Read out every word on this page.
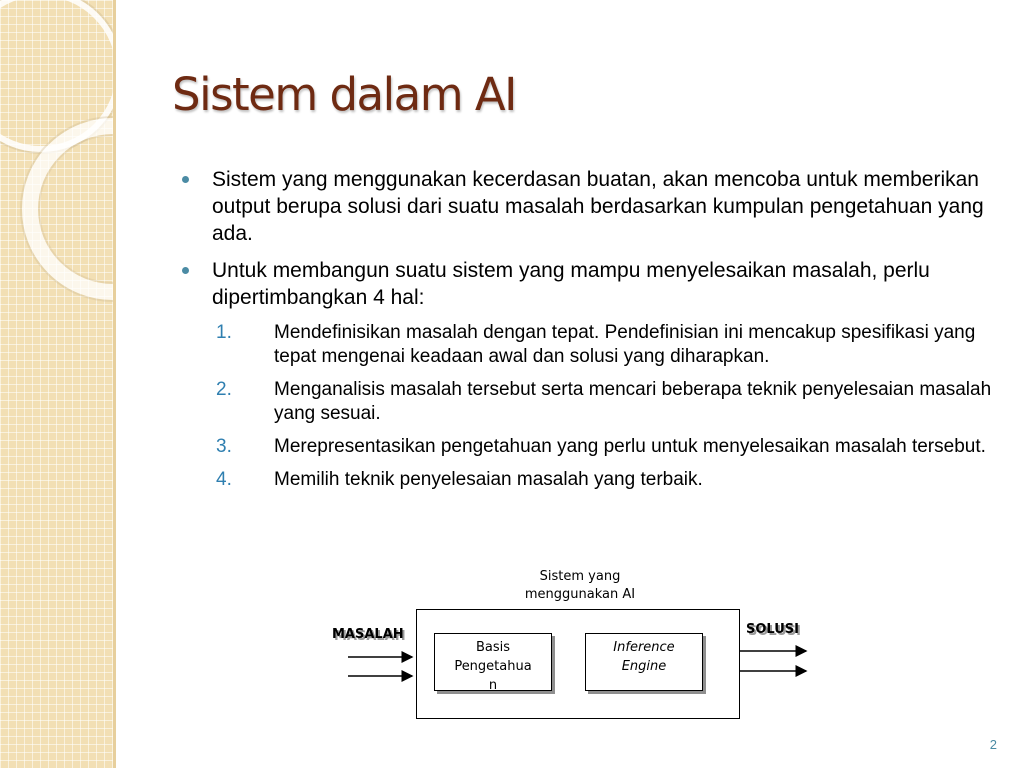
Sistem dalam AI
Sistem yang menggunakan kecerdasan buatan, akan mencoba untuk memberikan output berupa solusi dari suatu masalah berdasarkan kumpulan pengetahuan yang ada.
Untuk membangun suatu sistem yang mampu menyelesaikan masalah, perlu dipertimbangkan 4 hal:
1. Mendefinisikan masalah dengan tepat. Pendefinisian ini mencakup spesifikasi yang tepat mengenai keadaan awal dan solusi yang diharapkan.
2. Menganalisis masalah tersebut serta mencari beberapa teknik penyelesaian masalah yang sesuai.
3. Merepresentasikan pengetahuan yang perlu untuk menyelesaikan masalah tersebut.
4. Memilih teknik penyelesaian masalah yang terbaik.
Sistem yang
menggunakan AI
Basis
Pengetahua
n
Inference
Engine
MASALAH	SOLUSI
2
